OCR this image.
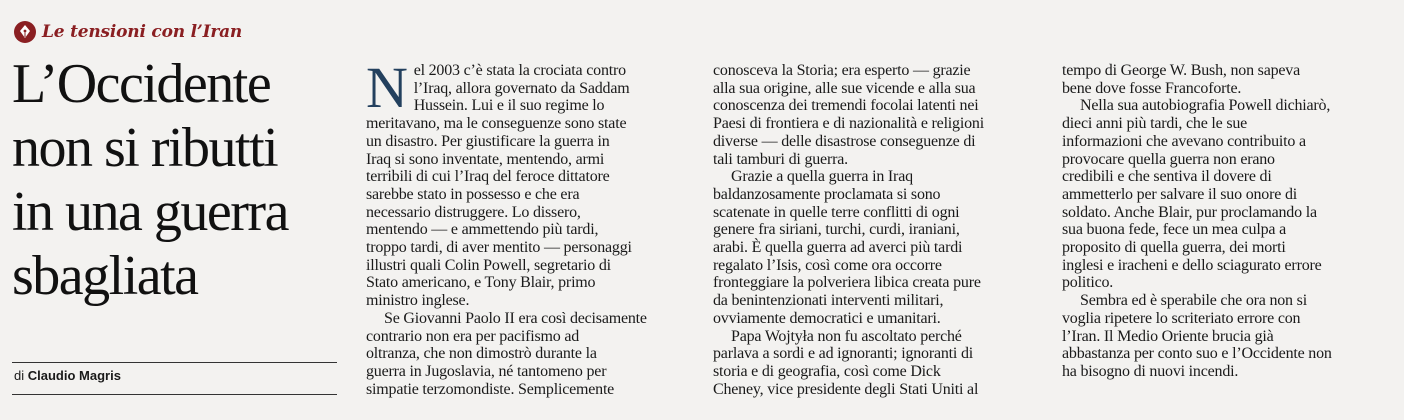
Le tensioni con l’Iran
L’Occidente
non si ributti
in una guerra
sbagliata
di Claudio Magris
N el 2003 c’è stata la crociata contro
l’Iraq, allora governato da Saddam
Hussein. Lui e il suo regime lo
meritavano, ma le conseguenze sono state
un disastro. Per giustificare la guerra in
Iraq si sono inventate, mentendo, armi
terribili di cui l’Iraq del feroce dittatore
sarebbe stato in possesso e che era
necessario distruggere. Lo dissero,
mentendo — e ammettendo più tardi,
troppo tardi, di aver mentito — personaggi
illustri quali Colin Powell, segretario di
Stato americano, e Tony Blair, primo
ministro inglese.
Se Giovanni Paolo II era così decisamente
contrario non era per pacifismo ad
oltranza, che non dimostrò durante la
guerra in Jugoslavia, né tantomeno per
simpatie terzomondiste. Semplicemente
conosceva la Storia; era esperto — grazie
alla sua origine, alle sue vicende e alla sua
conoscenza dei tremendi focolai latenti nei
Paesi di frontiera e di nazionalità e religioni
diverse — delle disastrose conseguenze di
tali tamburi di guerra.
Grazie a quella guerra in Iraq
baldanzosamente proclamata si sono
scatenate in quelle terre conflitti di ogni
genere fra siriani, turchi, curdi, iraniani,
arabi. È quella guerra ad averci più tardi
regalato l’Isis, così come ora occorre
fronteggiare la polveriera libica creata pure
da benintenzionati interventi militari,
ovviamente democratici e umanitari.
Papa Wojtyła non fu ascoltato perché
parlava a sordi e ad ignoranti; ignoranti di
storia e di geografia, così come Dick
Cheney, vice presidente degli Stati Uniti al
tempo di George W. Bush, non sapeva
bene dove fosse Francoforte.
Nella sua autobiografia Powell dichiarò,
dieci anni più tardi, che le sue
informazioni che avevano contribuito a
provocare quella guerra non erano
credibili e che sentiva il dovere di
ammetterlo per salvare il suo onore di
soldato. Anche Blair, pur proclamando la
sua buona fede, fece un mea culpa a
proposito di quella guerra, dei morti
inglesi e iracheni e dello sciagurato errore
politico.
Sembra ed è sperabile che ora non si
voglia ripetere lo scriteriato errore con
l’Iran. Il Medio Oriente brucia già
abbastanza per conto suo e l’Occidente non
ha bisogno di nuovi incendi.
